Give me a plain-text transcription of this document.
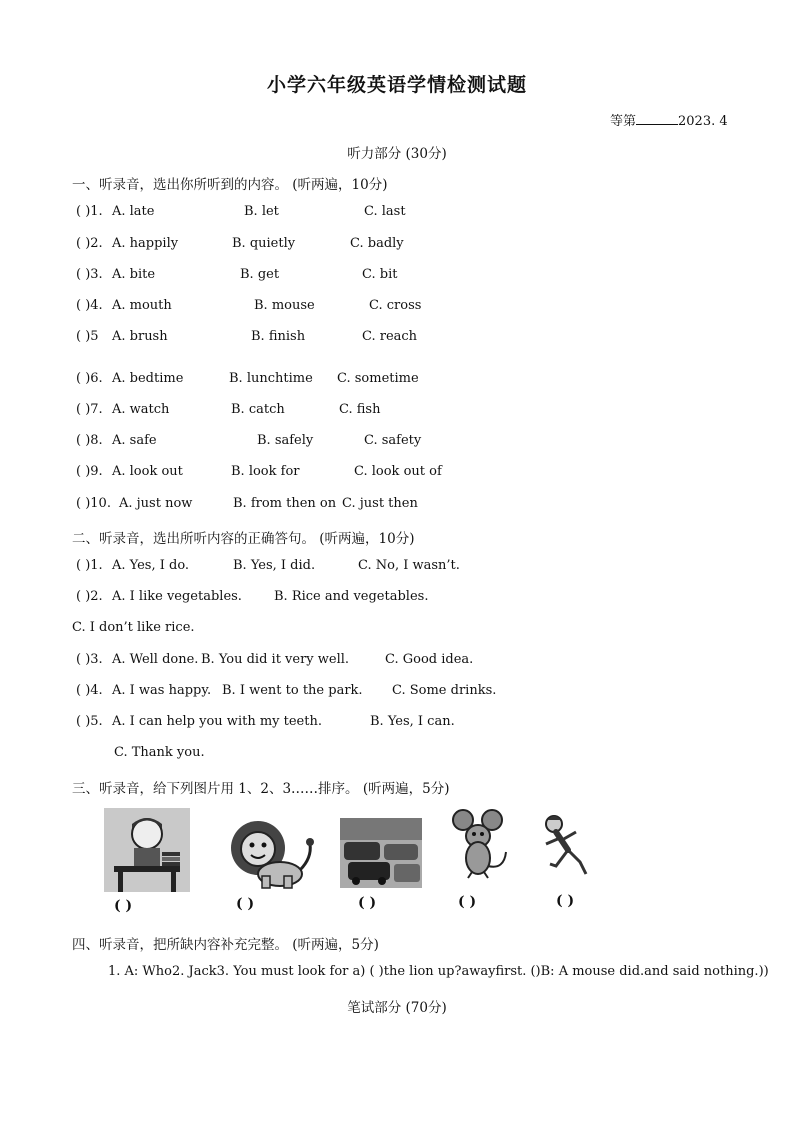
小学六年级英语学情检测试题
等第	2023. 4
听力部分 (30分)
一、听录音，选出你所听到的内容。 (听两遍，10分)
( )1. A. late	B. let	C. last
( )2. A. happily	B. quietly	C. badly
( )3. A. bite	B. get	C. bit
( )4. A. mouth	B. mouse	C. cross
( )5 A. brush	B. finish	C. reach
( )6. A. bedtime	B. lunchtime C. sometime
( )7. A. watch	B. catch	C. fish
( )8. A. safe	B. safely	C. safety
( )9. A. look out	B. look for	C. look out of
( )10. A. just now	B. from then on C. just then
二、听录音，选出所听内容的正确答句。 (听两遍，10分)
( )1. A. Yes, I do.	B. Yes, I did.	C. No, I wasn’t.
( )2. A. I like vegetables. B. Rice and vegetables.
C. I don’t like rice.
( )3. A. Well done. B. You did it very well.	C. Good idea.
( )4. A. I was happy. B. I went to the park. C. Some drinks.
( )5. A. I can help you with my teeth.	B. Yes, I can.
C. Thank you.
三、听录音，给下列图片用 1、2、3……排序。 (听两遍，5分)
( )	( )	( )	( )	( )
四、听录音，把所缺内容补充完整。 (听两遍，5分)
1. A: Who2. Jack3. You must look for a) ( )the lion up?awayfirst. ()B: A mouse did.and said nothing.))
笔试部分 (70分)
